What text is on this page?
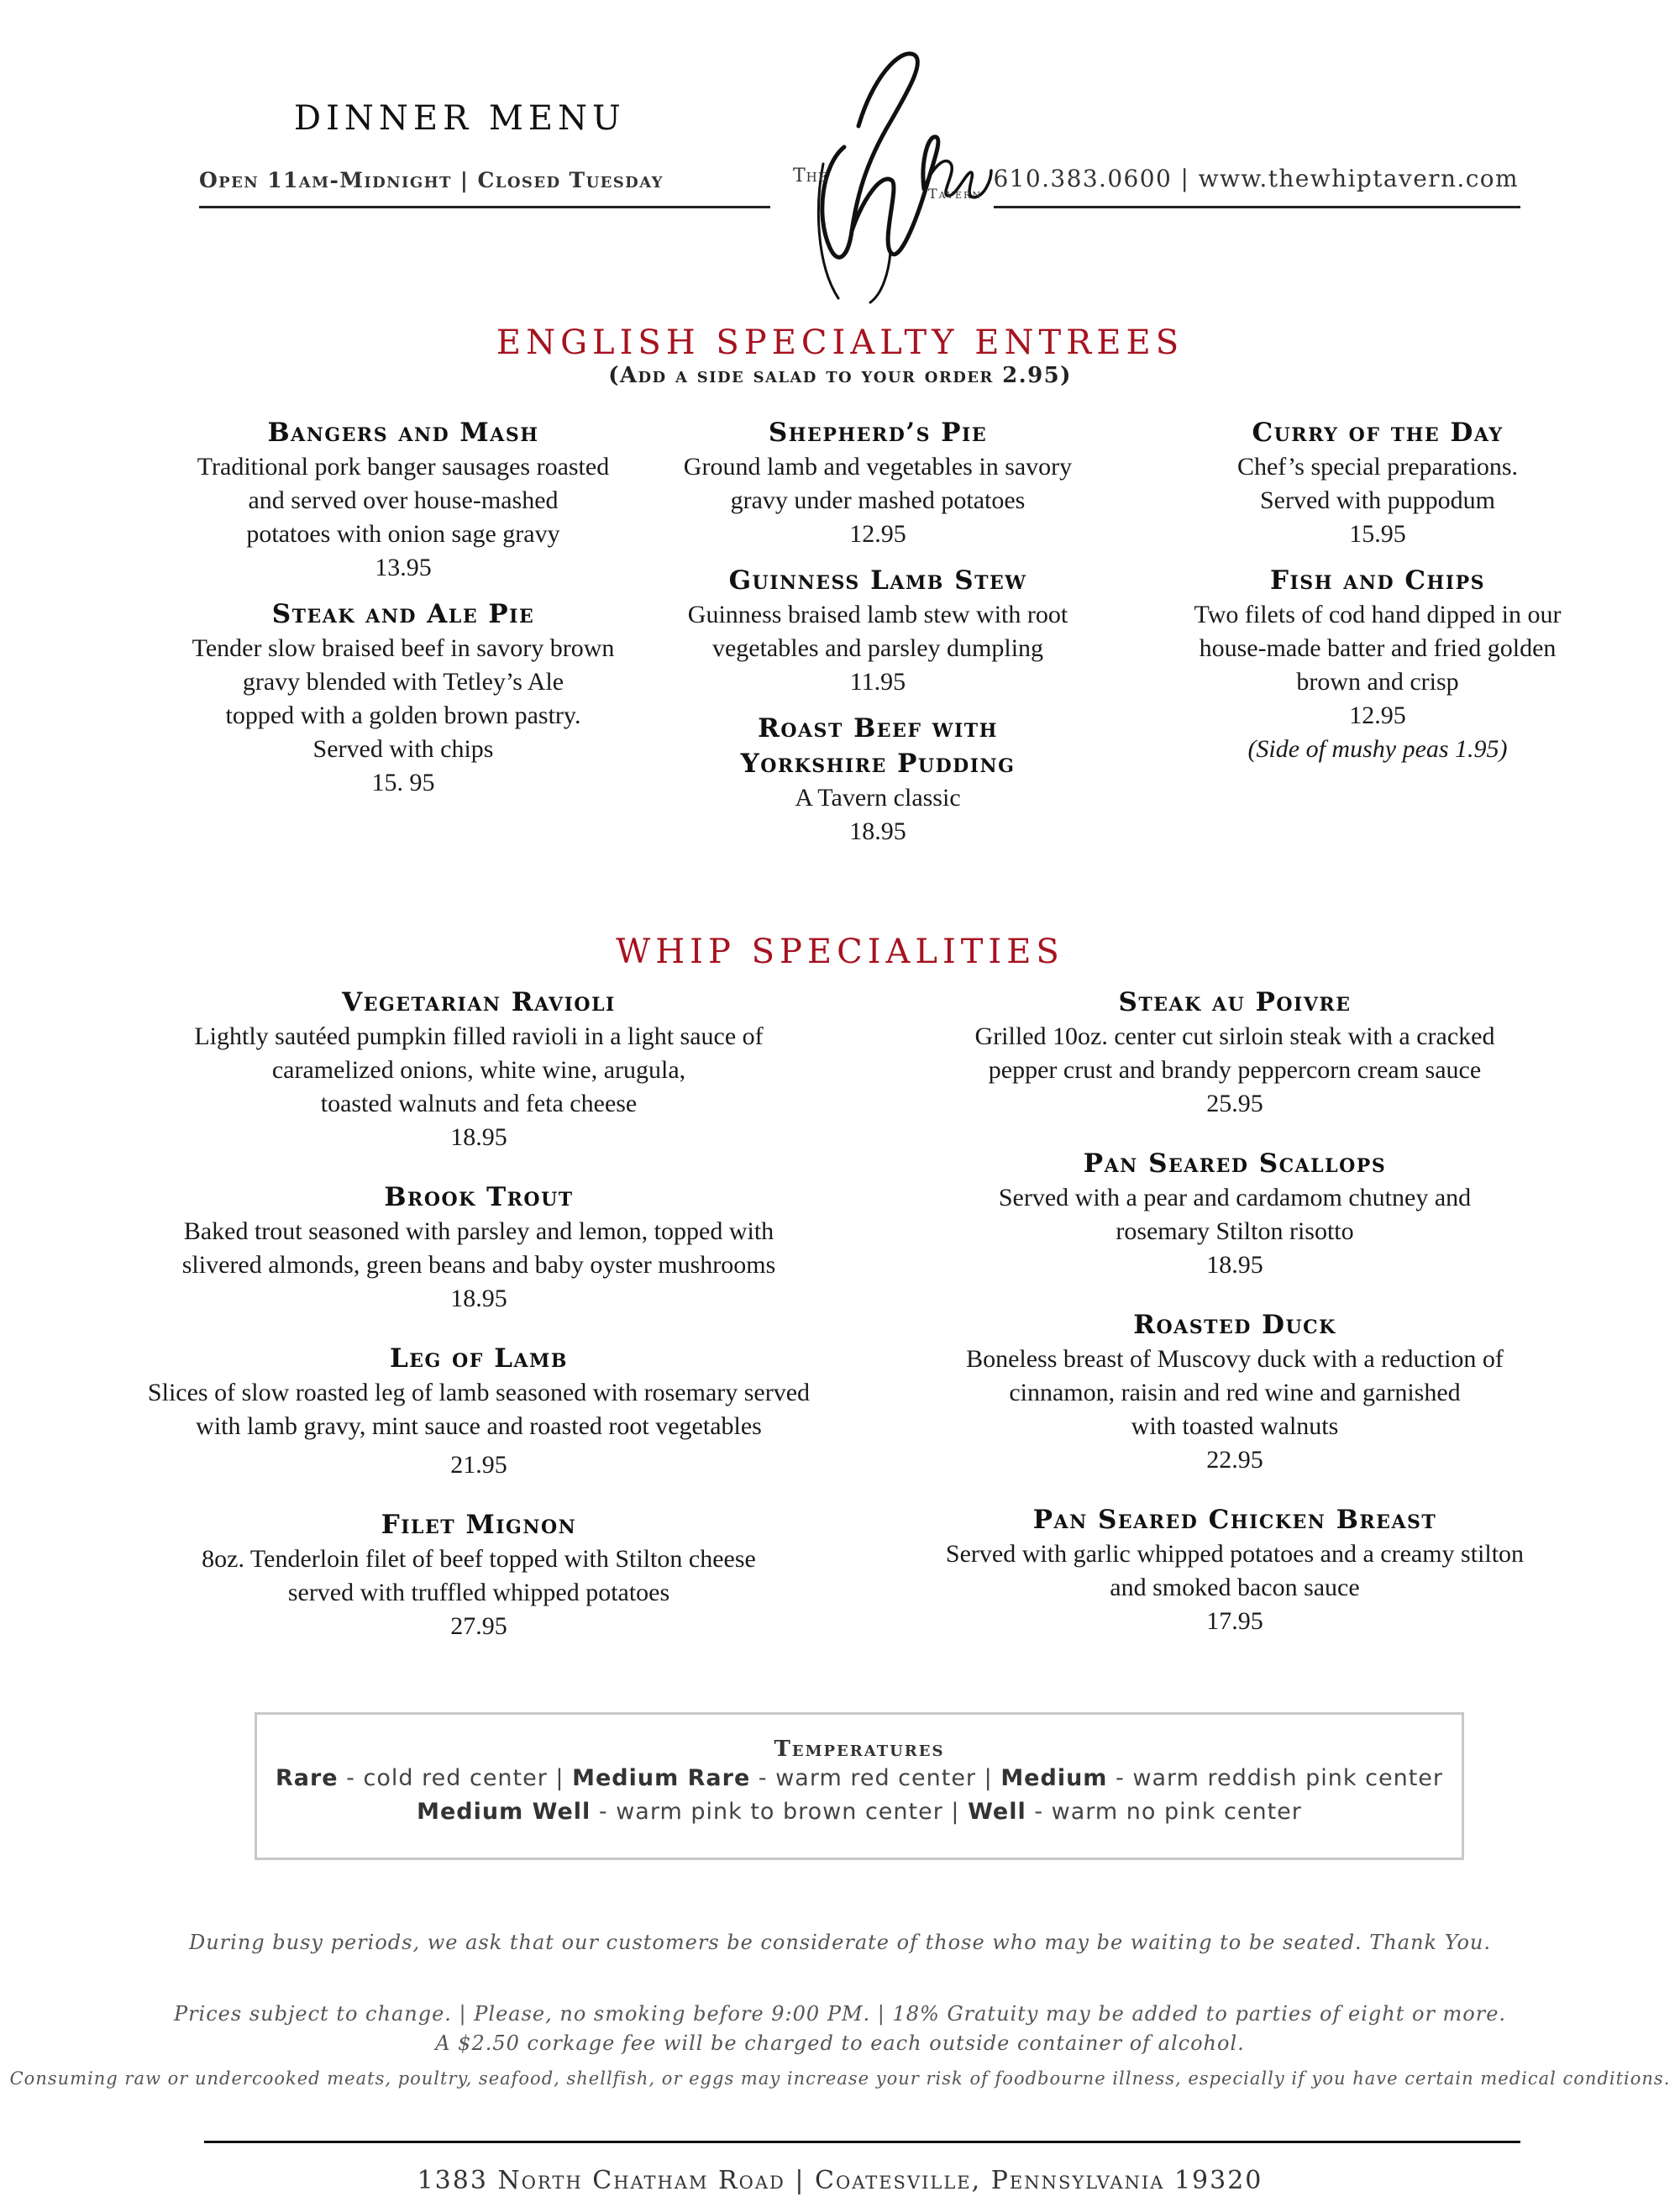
DINNER MENU
Open 11am-Midnight | Closed Tuesday	610.383.0600 | www.thewhiptavern.com
The
Tavern
ENGLISH SPECIALTY ENTREES
(Add a side salad to your order 2.95)
Bangers and Mash
Traditional pork banger sausages roasted
and served over house-mashed
potatoes with onion sage gravy
13.95
Steak and Ale Pie
Tender slow braised beef in savory brown
gravy blended with Tetley’s Ale
topped with a golden brown pastry.
Served with chips
15. 95
Shepherd’s Pie
Ground lamb and vegetables in savory
gravy under mashed potatoes
12.95
Guinness Lamb Stew
Guinness braised lamb stew with root
vegetables and parsley dumpling
11.95
Roast Beef with
Yorkshire Pudding
A Tavern classic
18.95
Curry of the Day
Chef’s special preparations.
Served with puppodum
15.95
Fish and Chips
Two filets of cod hand dipped in our
house-made batter and fried golden
brown and crisp
12.95
(Side of mushy peas 1.95)
WHIP SPECIALITIES
Vegetarian Ravioli
Lightly sautéed pumpkin filled ravioli in a light sauce of
caramelized onions, white wine, arugula,
toasted walnuts and feta cheese
18.95
Brook Trout
Baked trout seasoned with parsley and lemon, topped with
slivered almonds, green beans and baby oyster mushrooms
18.95
Leg of Lamb
Slices of slow roasted leg of lamb seasoned with rosemary served
with lamb gravy, mint sauce and roasted root vegetables
21.95
Filet Mignon
8oz. Tenderloin filet of beef topped with Stilton cheese
served with truffled whipped potatoes
27.95
Steak au Poivre
Grilled 10oz. center cut sirloin steak with a cracked
pepper crust and brandy peppercorn cream sauce
25.95
Pan Seared Scallops
Served with a pear and cardamom chutney and
rosemary Stilton risotto
18.95
Roasted Duck
Boneless breast of Muscovy duck with a reduction of
cinnamon, raisin and red wine and garnished
with toasted walnuts
22.95
Pan Seared Chicken Breast
Served with garlic whipped potatoes and a creamy stilton
and smoked bacon sauce
17.95
Temperatures
Rare - cold red center | Medium Rare - warm red center | Medium - warm reddish pink center
Medium Well - warm pink to brown center | Well - warm no pink center
During busy periods, we ask that our customers be considerate of those who may be waiting to be seated. Thank You.
Prices subject to change. | Please, no smoking before 9:00 PM. | 18% Gratuity may be added to parties of eight or more.
A $2.50 corkage fee will be charged to each outside container of alcohol.
Consuming raw or undercooked meats, poultry, seafood, shellfish, or eggs may increase your risk of foodbourne illness, especially if you have certain medical conditions.
1383 North Chatham Road | Coatesville, Pennsylvania 19320
